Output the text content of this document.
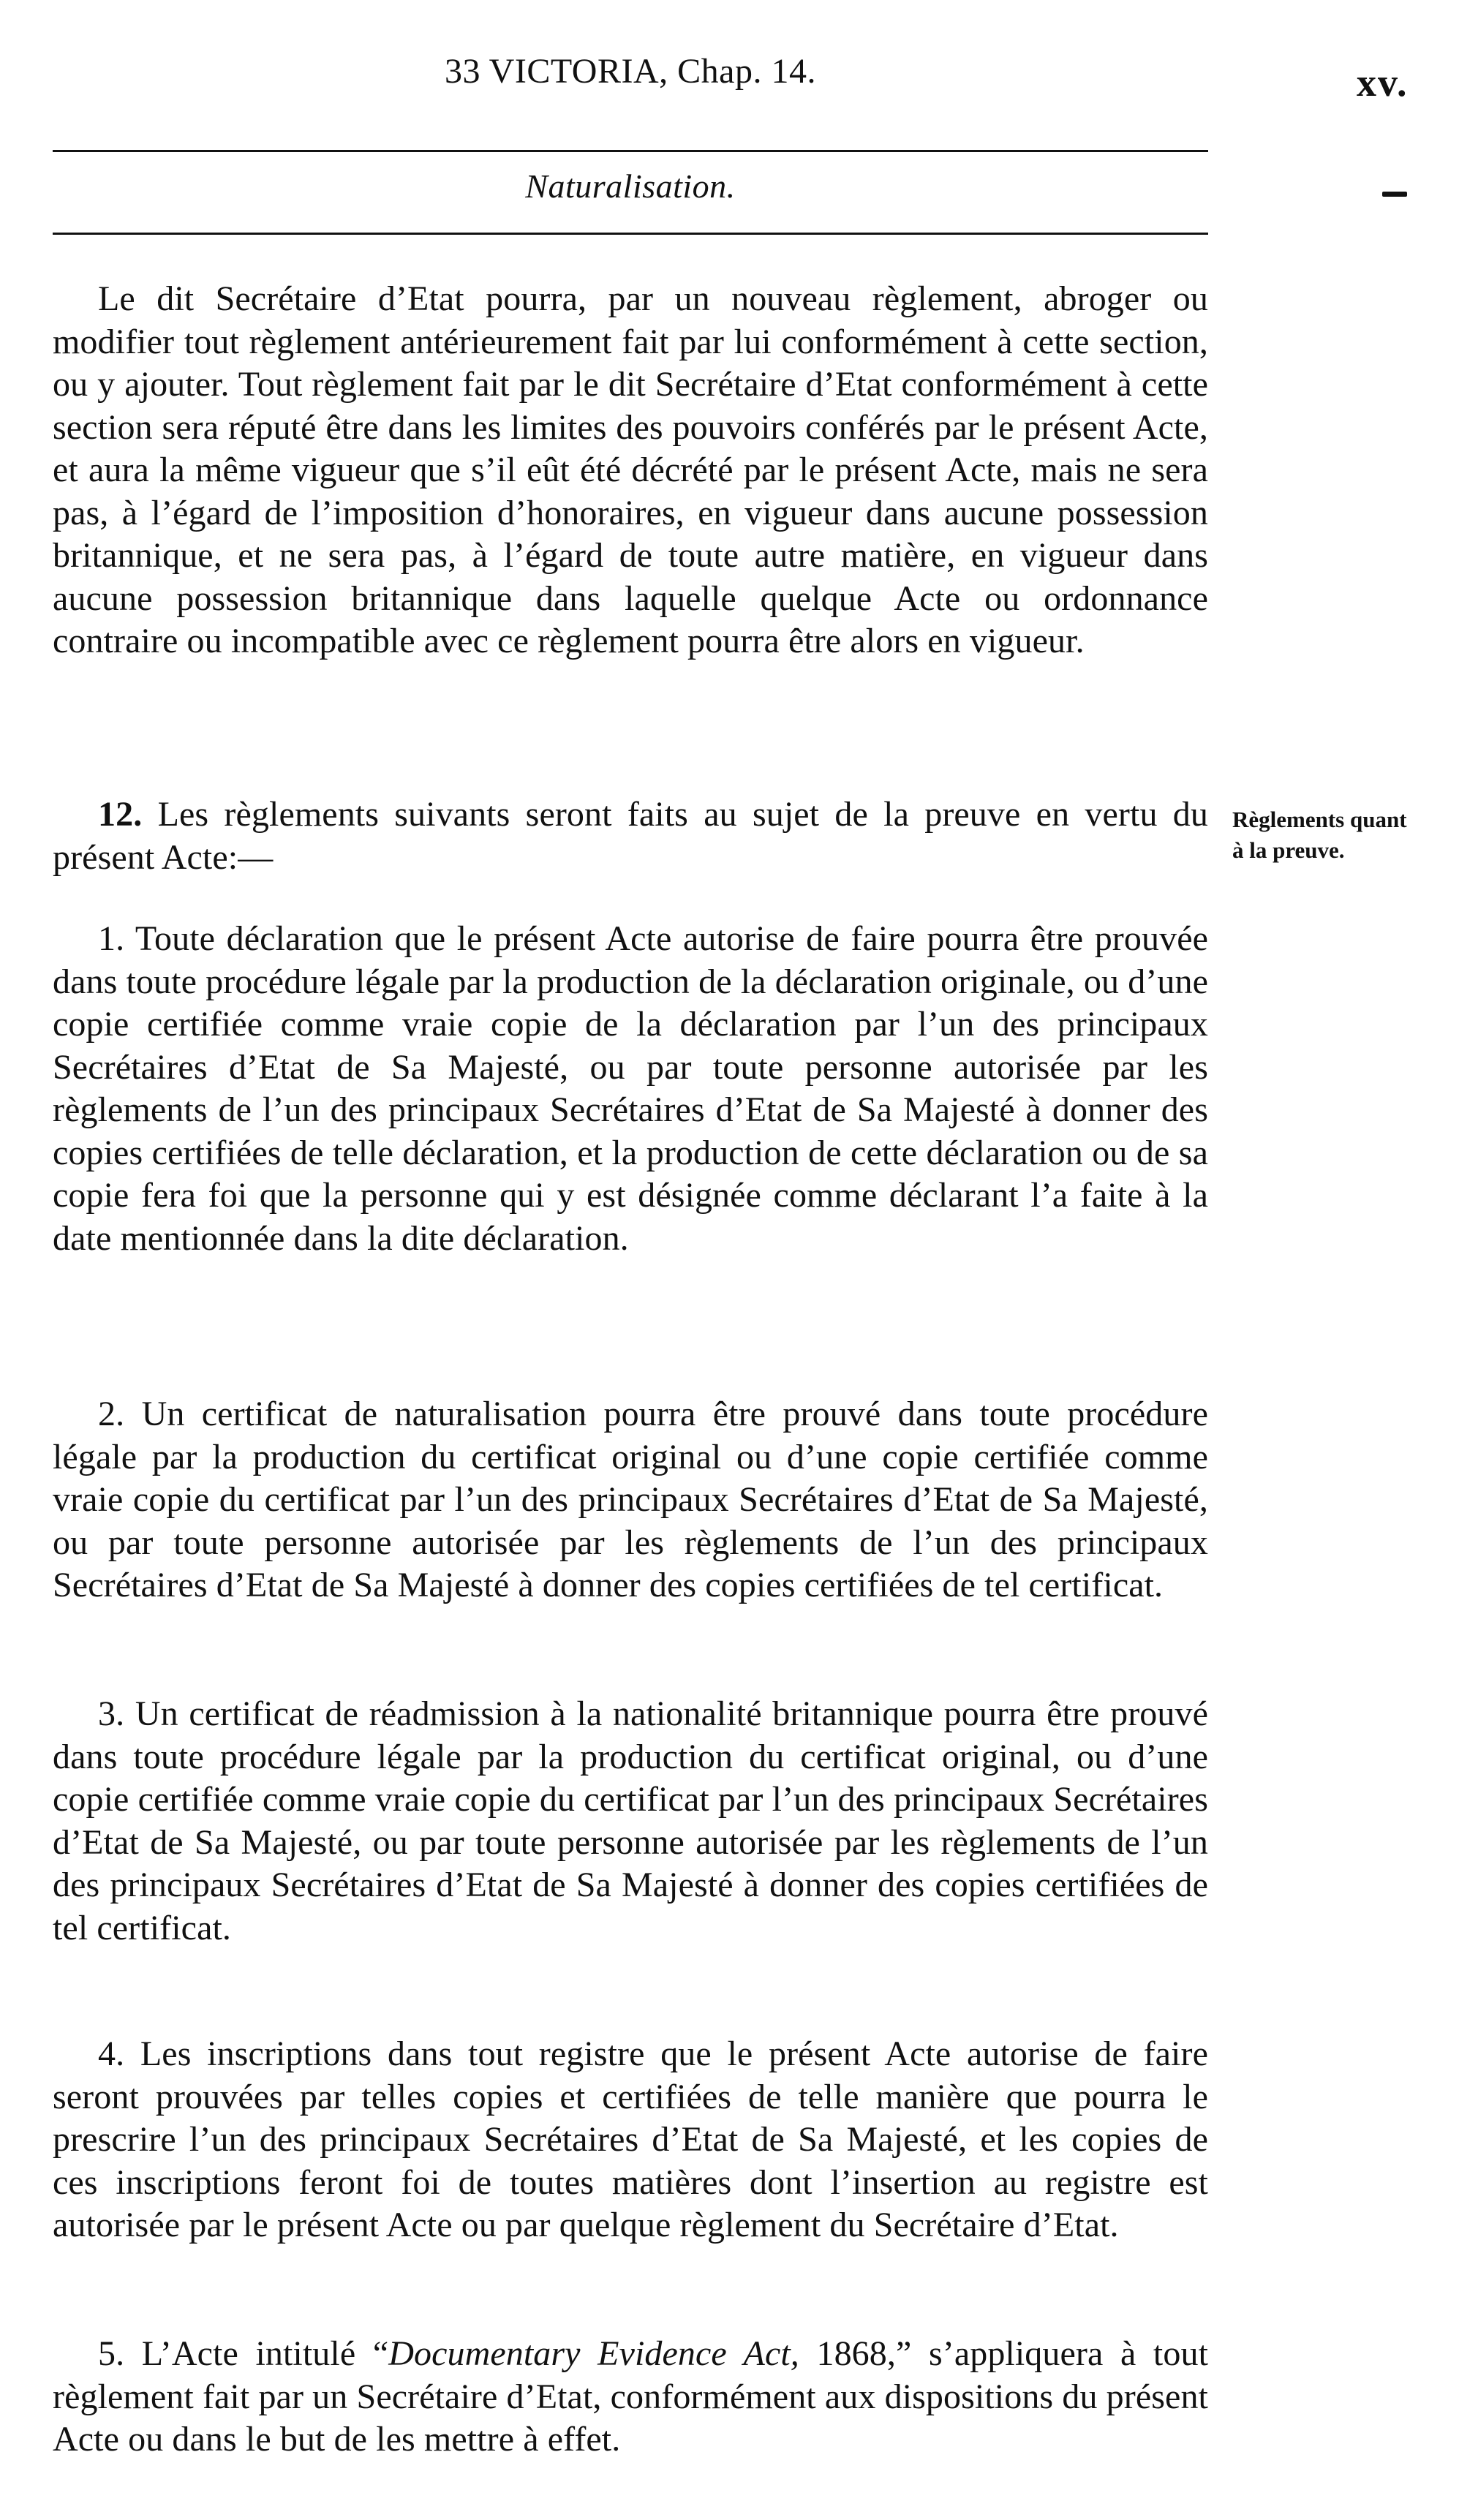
33 VICTORIA, Chap. 14.	xv.
Naturalisation.

Le dit Secrétaire d’Etat pourra, par un nouveau règlement, abroger ou modifier tout règlement antérieurement fait par lui conformément à cette section, ou y ajouter. Tout règlement fait par le dit Secrétaire d’Etat conformément à cette section sera réputé être dans les limites des pouvoirs conférés par le présent Acte, et aura la même vigueur que s’il eût été décrété par le présent Acte, mais ne sera pas, à l’égard de l’imposition d’honoraires, en vigueur dans aucune possession britannique, et ne sera pas, à l’égard de toute autre matière, en vigueur dans aucune possession britannique dans laquelle quelque Acte ou ordonnance contraire ou incompatible avec ce règlement pourra être alors en vigueur.

12. Les règlements suivants seront faits au sujet de la preuve en vertu du présent Acte:—

Règlements quant à la preuve.

1. Toute déclaration que le présent Acte autorise de faire pourra être prouvée dans toute procédure légale par la production de la déclaration originale, ou d’une copie certifiée comme vraie copie de la déclaration par l’un des principaux Secrétaires d’Etat de Sa Majesté, ou par toute personne autorisée par les règlements de l’un des principaux Secrétaires d’Etat de Sa Majesté à donner des copies certifiées de telle déclaration, et la production de cette déclaration ou de sa copie fera foi que la personne qui y est désignée comme déclarant l’a faite à la date mentionnée dans la dite déclaration.

2. Un certificat de naturalisation pourra être prouvé dans toute procédure légale par la production du certificat original ou d’une copie certifiée comme vraie copie du certificat par l’un des principaux Secrétaires d’Etat de Sa Majesté, ou par toute personne autorisée par les règlements de l’un des principaux Secrétaires d’Etat de Sa Majesté à donner des copies certifiées de tel certificat.

3. Un certificat de réadmission à la nationalité britannique pourra être prouvé dans toute procédure légale par la production du certificat original, ou d’une copie certifiée comme vraie copie du certificat par l’un des principaux Secrétaires d’Etat de Sa Majesté, ou par toute personne autorisée par les règlements de l’un des principaux Secrétaires d’Etat de Sa Majesté à donner des copies certifiées de tel certificat.

4. Les inscriptions dans tout registre que le présent Acte autorise de faire seront prouvées par telles copies et certifiées de telle manière que pourra le prescrire l’un des principaux Secrétaires d’Etat de Sa Majesté, et les copies de ces inscriptions feront foi de toutes matières dont l’insertion au registre est autorisée par le présent Acte ou par quelque règlement du Secrétaire d’Etat.

5. L’Acte intitulé “Documentary Evidence Act, 1868,” s’appliquera à tout règlement fait par un Secrétaire d’Etat, conformément aux dispositions du présent Acte ou dans le but de les mettre à effet.
